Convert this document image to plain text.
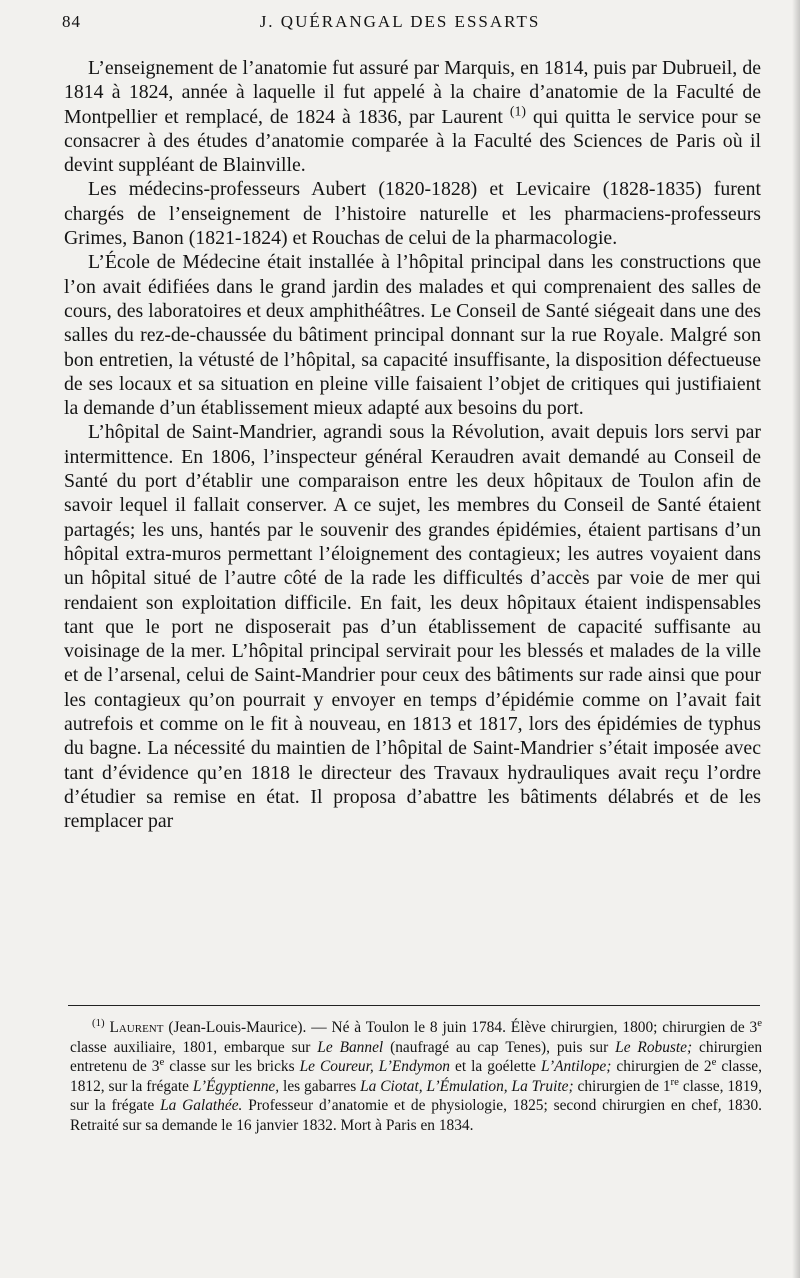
84	J. QUÉRANGAL DES ESSARTS

L’enseignement de l’anatomie fut assuré par Marquis, en 1814, puis par Dubrueil, de 1814 à 1824, année à laquelle il fut appelé à la chaire d’anatomie de la Faculté de Montpellier et remplacé, de 1824 à 1836, par Laurent $^{(1)}$ qui quitta le service pour se consacrer à des études d’anatomie comparée à la Faculté des Sciences de Paris où il devint suppléant de Blainville.

Les médecins-professeurs Aubert (1820-1828) et Levicaire (1828-1835) furent chargés de l’enseignement de l’histoire naturelle et les pharmaciens-professeurs Grimes, Banon (1821-1824) et Rouchas de celui de la pharmacologie.

L’École de Médecine était installée à l’hôpital principal dans les constructions que l’on avait édifiées dans le grand jardin des malades et qui comprenaient des salles de cours, des laboratoires et deux amphithéâtres. Le Conseil de Santé siégeait dans une des salles du rez-de-chaussée du bâtiment principal donnant sur la rue Royale. Malgré son bon entretien, la vétusté de l’hôpital, sa capacité insuffisante, la disposition défectueuse de ses locaux et sa situation en pleine ville faisaient l’objet de critiques qui justifiaient la demande d’un établissement mieux adapté aux besoins du port.

L’hôpital de Saint-Mandrier, agrandi sous la Révolution, avait depuis lors servi par intermittence. En 1806, l’inspecteur général Keraudren avait demandé au Conseil de Santé du port d’établir une comparaison entre les deux hôpitaux de Toulon afin de savoir lequel il fallait conserver. A ce sujet, les membres du Conseil de Santé étaient partagés; les uns, hantés par le souvenir des grandes épidémies, étaient partisans d’un hôpital extra-muros permettant l’éloignement des contagieux; les autres voyaient dans un hôpital situé de l’autre côté de la rade les difficultés d’accès par voie de mer qui rendaient son exploitation difficile. En fait, les deux hôpitaux étaient indispensables tant que le port ne disposerait pas d’un établissement de capacité suffisante au voisinage de la mer. L’hôpital principal servirait pour les blessés et malades de la ville et de l’arsenal, celui de Saint-Mandrier pour ceux des bâtiments sur rade ainsi que pour les contagieux qu’on pourrait y envoyer en temps d’épidémie comme on l’avait fait autrefois et comme on le fit à nouveau, en 1813 et 1817, lors des épidémies de typhus du bagne. La nécessité du maintien de l’hôpital de Saint-Mandrier s’était imposée avec tant d’évidence qu’en 1818 le directeur des Travaux hydrauliques avait reçu l’ordre d’étudier sa remise en état. Il proposa d’abattre les bâtiments délabrés et de les remplacer par

$^{(1)}$ Laurent (Jean-Louis-Maurice). — Né à Toulon le 8 juin 1784. Élève chirurgien, 1800; chirurgien de 3e classe auxiliaire, 1801, embarque sur Le Bannel (naufragé au cap Tenes), puis sur Le Robuste; chirurgien entretenu de 3e classe sur les bricks Le Coureur, L’Endymon et la goélette L’Antilope; chirurgien de 2e classe, 1812, sur la frégate L’Égyptienne, les gabarres La Ciotat, L’Émulation, La Truite; chirurgien de 1re classe, 1819, sur la frégate La Galathée. Professeur d’anatomie et de physiologie, 1825; second chirurgien en chef, 1830. Retraité sur sa demande le 16 janvier 1832. Mort à Paris en 1834.
